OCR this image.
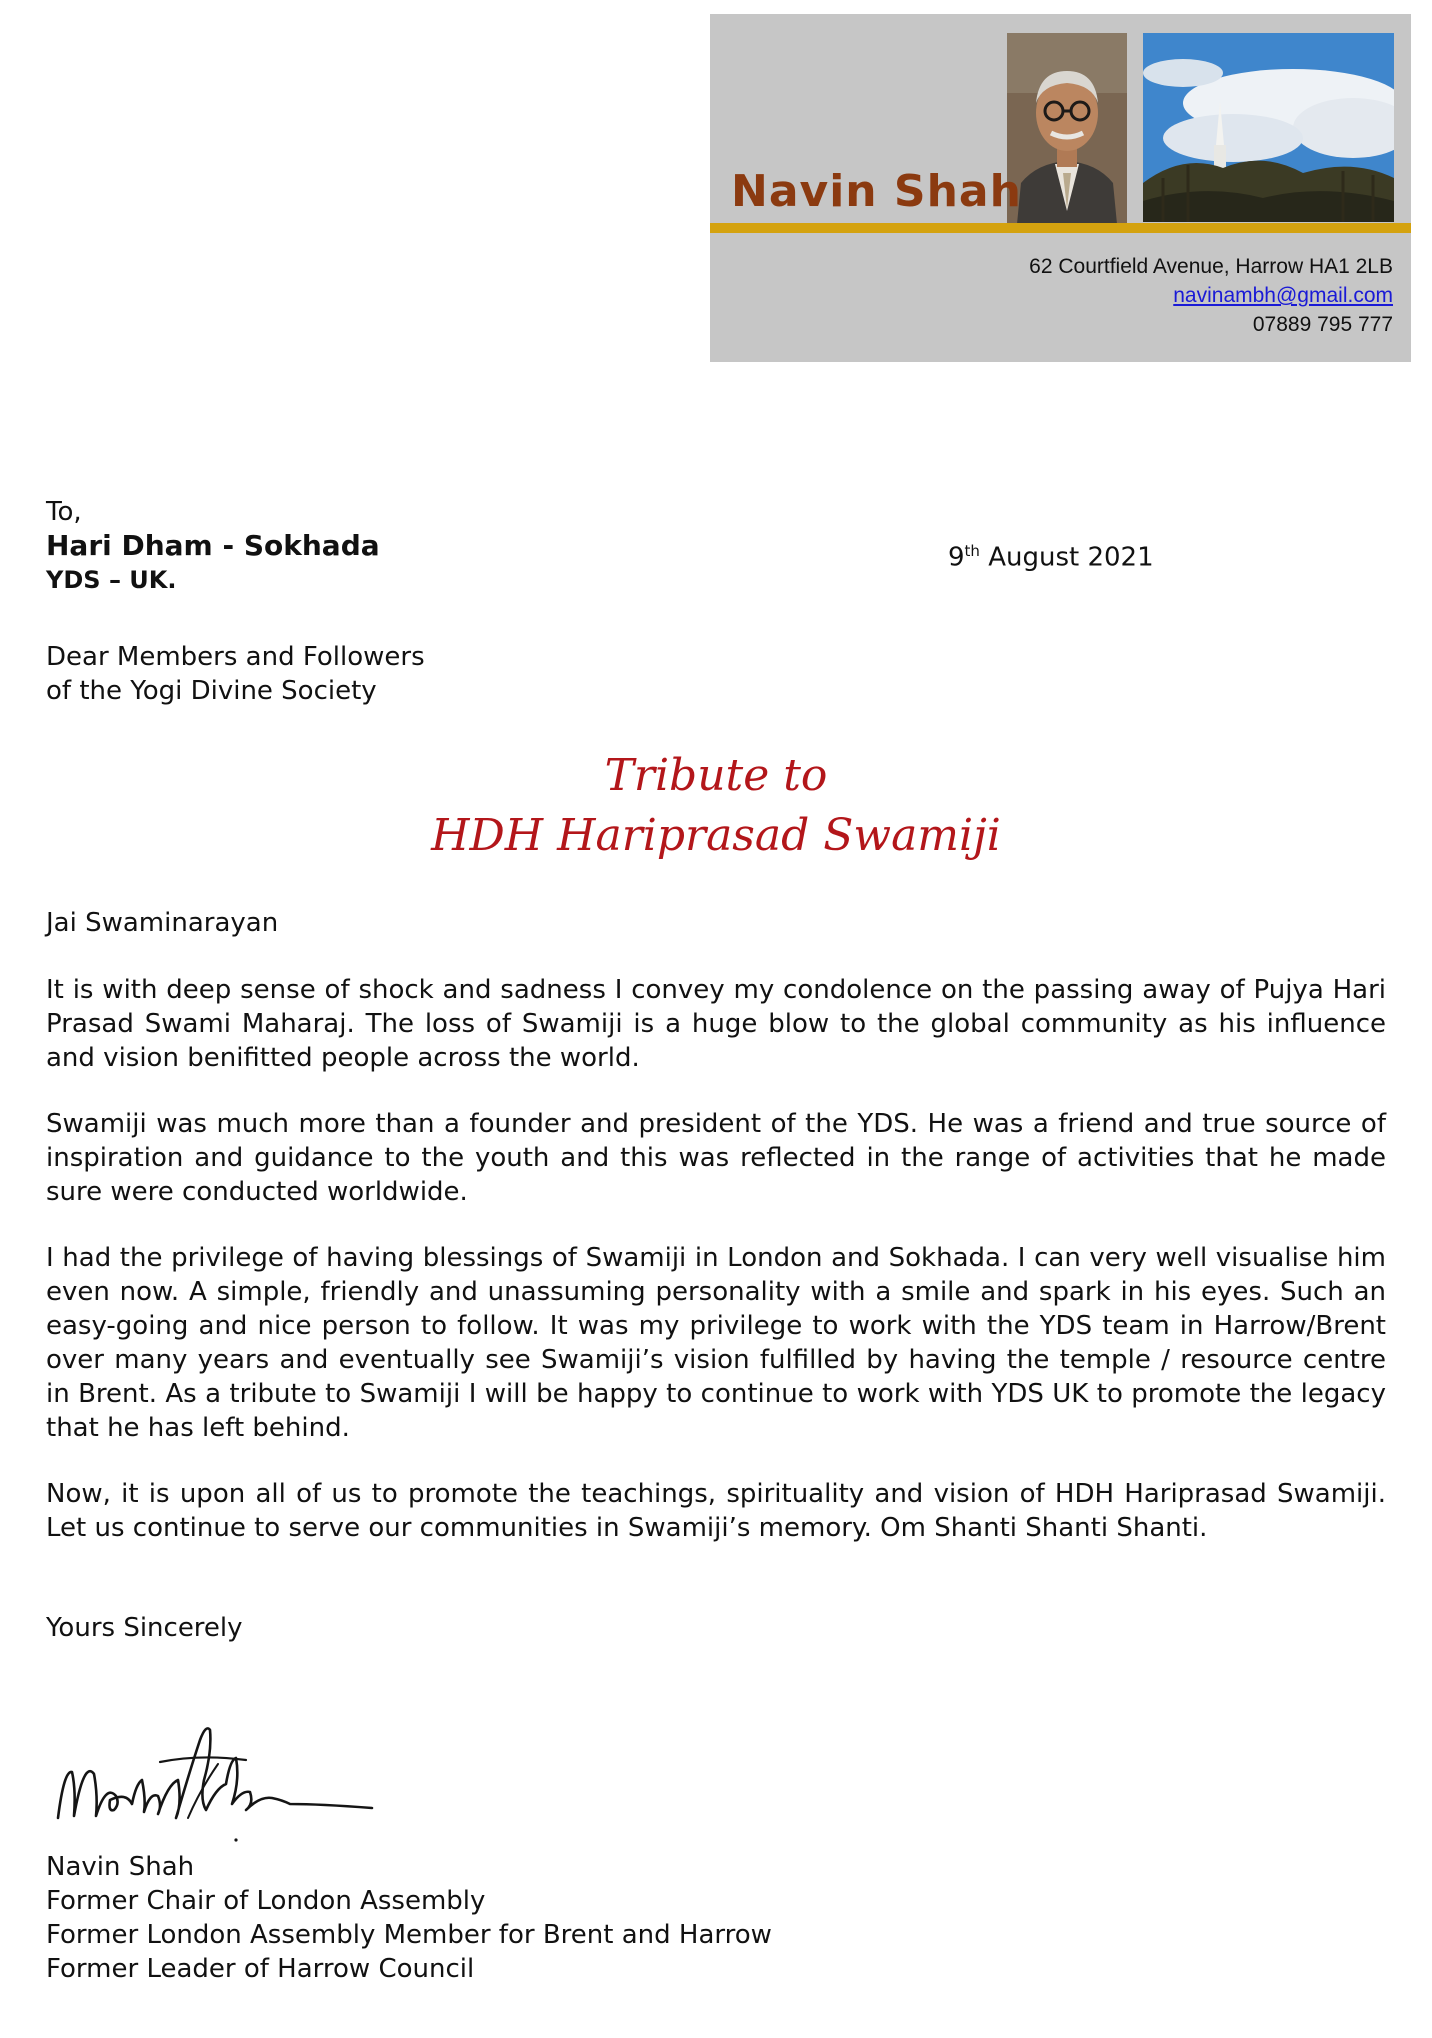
Navin Shah
62 Courtfield Avenue, Harrow HA1 2LB
navinambh@gmail.com
07889 795 777
To,
Hari Dham - Sokhada
YDS – UK.
9th August 2021
Dear Members and Followers
of the Yogi Divine Society
Tribute to
HDH Hariprasad Swamiji
Jai Swaminarayan
It is with deep sense of shock and sadness I convey my condolence on the passing away of Pujya Hari Prasad Swami Maharaj. The loss of Swamiji is a huge blow to the global community as his influence and vision benifitted people across the world.
Swamiji was much more than a founder and president of the YDS. He was a friend and true source of inspiration and guidance to the youth and this was reflected in the range of activities that he made sure were conducted worldwide.
I had the privilege of having blessings of Swamiji in London and Sokhada. I can very well visualise him even now. A simple, friendly and unassuming personality with a smile and spark in his eyes. Such an easy-going and nice person to follow. It was my privilege to work with the YDS team in Harrow/Brent over many years and eventually see Swamiji’s vision fulfilled by having the temple / resource centre in Brent. As a tribute to Swamiji I will be happy to continue to work with YDS UK to promote the legacy that he has left behind.
Now, it is upon all of us to promote the teachings, spirituality and vision of HDH Hariprasad Swamiji. Let us continue to serve our communities in Swamiji’s memory. Om Shanti Shanti Shanti.
Yours Sincerely
Navin Shah
Former Chair of London Assembly
Former London Assembly Member for Brent and Harrow
Former Leader of Harrow Council
